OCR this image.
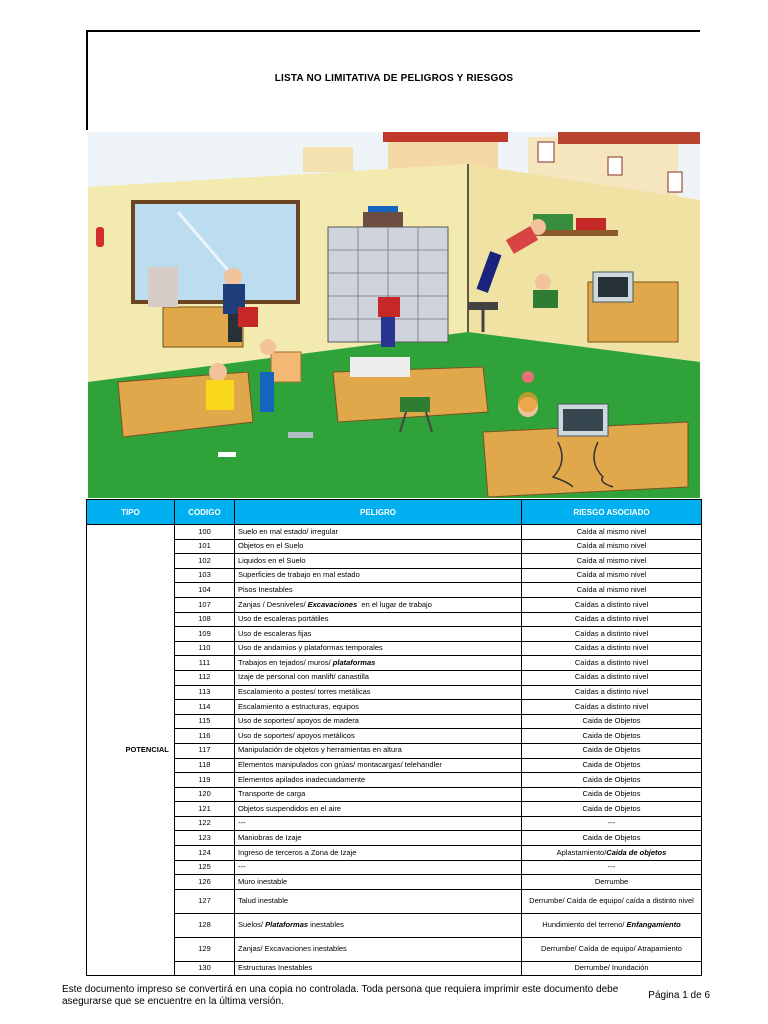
LISTA NO LIMITATIVA DE PELIGROS Y RIESGOS
TIPO	CODIGO	PELIGRO	RIESGO ASOCIADO
POTENCIAL	100	Suelo en mal estado/ irregular	Caída al mismo nivel
	101	Objetos en el Suelo	Caída al mismo nivel
	102	Liquidos en el Suelo	Caída al mismo nivel
	103	Superficies de trabajo en mal estado	Caída al mismo nivel
	104	Pisos Inestables	Caída al mismo nivel
	107	Zanjas / Desniveles/ Excavaciones  en el lugar de trabajo	Caídas a distinto nivel
	108	Uso de escaleras portátiles	Caídas a distinto nivel
	109	Uso de escaleras fijas	Caídas a distinto nivel
	110	Uso de andamios y plataformas temporales	Caídas a distinto nivel
	111	Trabajos en tejados/ muros/ plataformas	Caídas a distinto nivel
	112	Izaje de personal con manlift/ canastilla	Caídas a distinto nivel
	113	Escalamiento a postes/ torres metálicas	Caídas a distinto nivel
	114	Escalamiento a estructuras, equipos	Caídas a distinto nivel
	115	Uso de soportes/ apoyos de madera	Caida de Objetos
	116	Uso de soportes/ apoyos metálicos	Caida de Objetos
	117	Manipulación de objetos y herramientas en altura	Caida de Objetos
	118	Elementos manipulados con grúas/ montacargas/ telehandler	Caida de Objetos
	119	Elementos apilados inadecuadamente	Caida de Objetos
	120	Transporte de carga	Caida de Objetos
	121	Objetos suspendidos en el aire	Caida de Objetos
	122	---	---
	123	Maniobras de Izaje	Caida de Objetos
	124	Ingreso de terceros a Zona de Izaje	Aplastamiento/Caida de objetos
	125	---	---
	126	Muro inestable	Derrumbe
	127	Talud inestable	Derrumbe/ Caída de equipo/ caída a distinto nivel
	128	Suelos/ Plataformas inestables	Hundimiento del terreno/ Enfangamiento
	129	Zanjas/ Excavaciones inestables	Derrumbe/ Caída de equipo/ Atrapamiento
	130	Estructuras Inestables	Derrumbe/ Inundación
Este documento impreso se convertirá en una copia no controlada. Toda persona que requiera imprimir este documento debe asegurarse que se encuentre en la última versión.
Página 1 de 6
